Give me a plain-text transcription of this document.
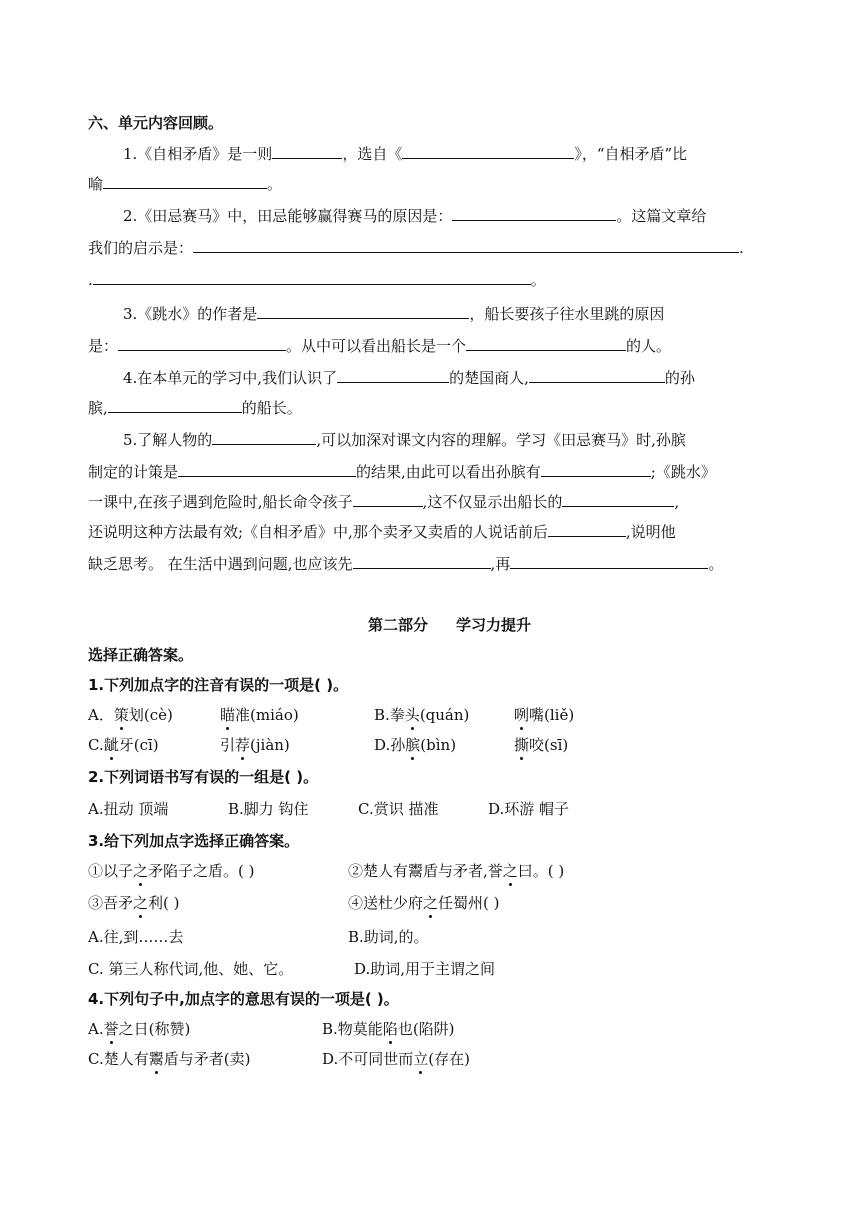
六、单元内容回顾。
1.《自相矛盾》是一则	，选自《	》，“自相矛盾”比
喻	。
2.《田忌赛马》中，田忌能够赢得赛马的原因是：	。这篇文章给
我们的启示是：	.
.	。
3.《跳水》的作者是	，船长要孩子往水里跳的原因
是：	。从中可以看出船长是一个	的人。
4.在本单元的学习中,我们认识了	的楚国商人,	的孙
膑,	的船长。
5.了解人物的	,可以加深对课文内容的理解。学习《田忌赛马》时,孙膑
制定的计策是	的结果,由此可以看出孙膑有	;《跳水》
一课中,在孩子遇到危险时,船长命令孩子	,这不仅显示出船长的	,
还说明这种方法最有效;《自相矛盾》中,那个卖矛又卖盾的人说话前后	,说明他
缺乏思考。 在生活中遇到问题,也应该先	,再	。
第二部分 学习力提升
选择正确答案。
1.下列加点字的注音有误的一项是( )。
A．策划(cè)	瞄准(miáo)	B.拳头(quán)	咧嘴(liě)
C.龇牙(cī)	引荐(jiàn)	D.孙膑(bìn)	撕咬(sī)
2.下列词语书写有误的一组是( )。
A.扭动 顶端	B.脚力 钩住	C.赏识 描准	D.环游 帽子
3.给下列加点字选择正确答案。
①以子之矛陷子之盾。( )	②楚人有鬻盾与矛者,誉之曰。( )
③吾矛之利( )	④送杜少府之任蜀州( )
A.往,到……去	B.助词,的。
C. 第三人称代词,他、她、它。	D.助词,用于主谓之间
4.下列句子中,加点字的意思有误的一项是( )。
A.誉之日(称赞)	B.物莫能陷也(陷阱)
C.楚人有鬻盾与矛者(卖)	D.不可同世而立(存在)
